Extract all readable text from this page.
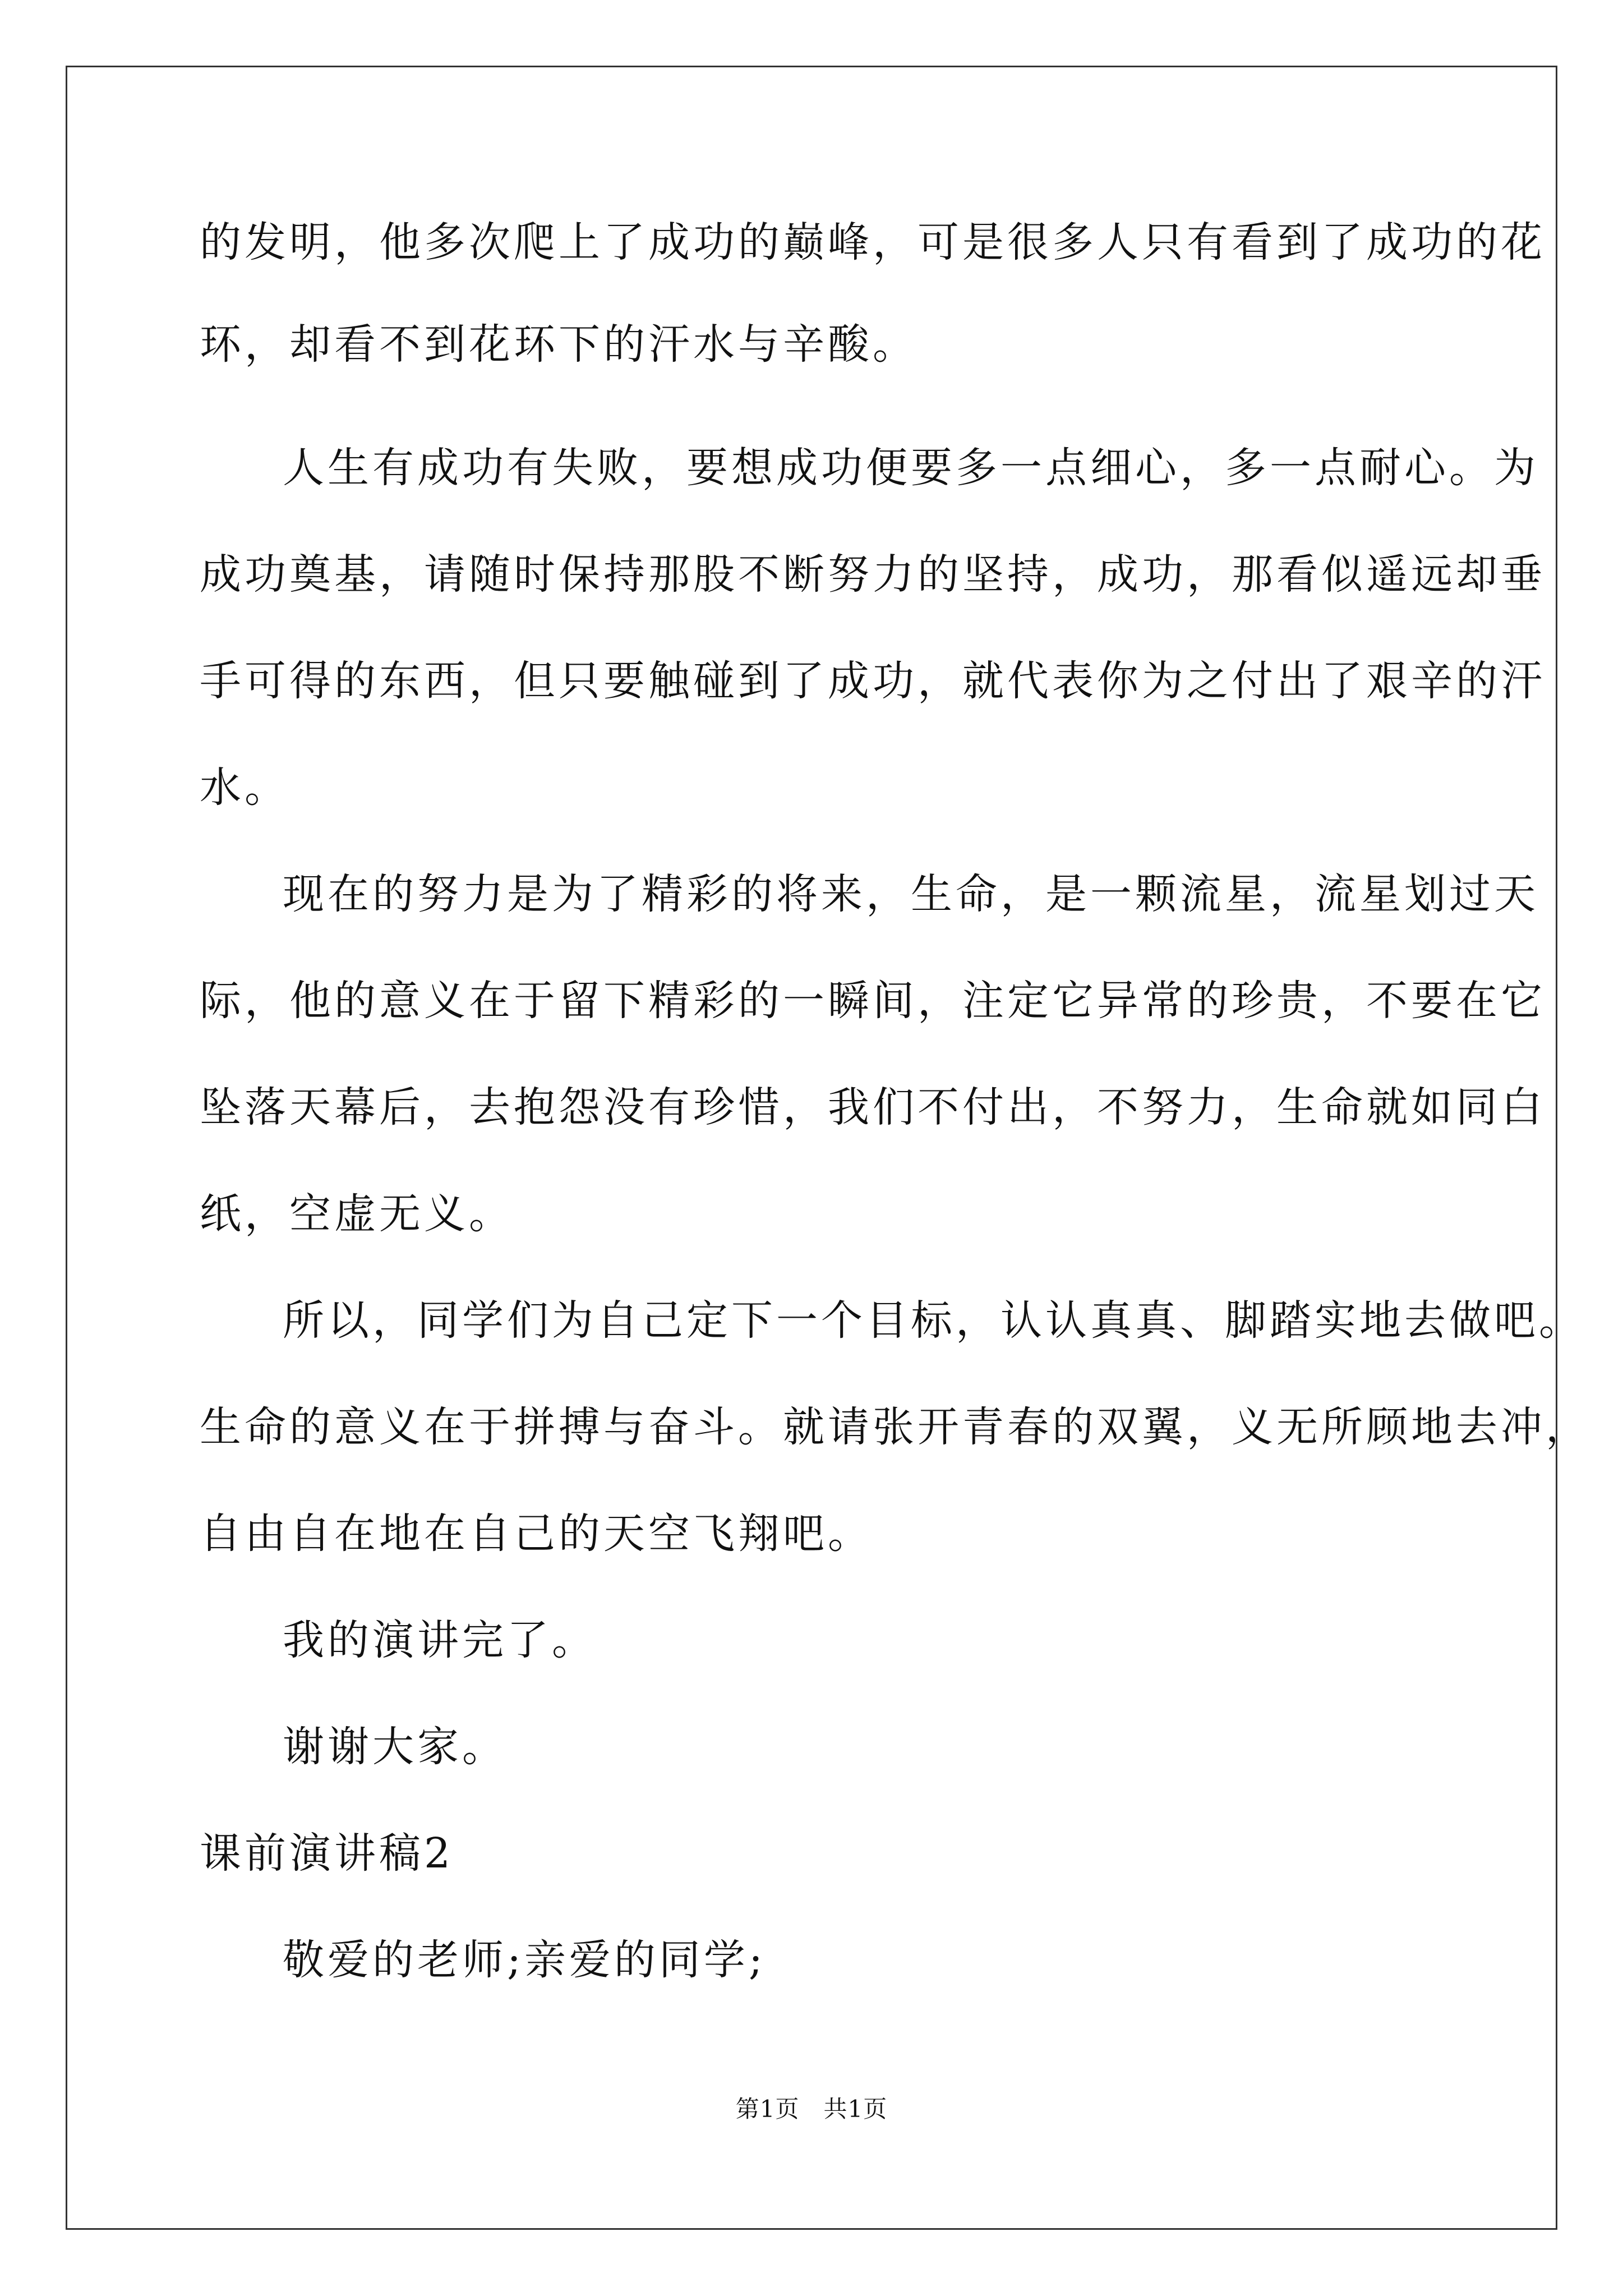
的发明，他多次爬上了成功的巅峰，可是很多人只有看到了成功的花
环，却看不到花环下的汗水与辛酸。
人生有成功有失败，要想成功便要多一点细心，多一点耐心。为
成功奠基，请随时保持那股不断努力的坚持，成功，那看似遥远却垂
手可得的东西，但只要触碰到了成功，就代表你为之付出了艰辛的汗
水。
现在的努力是为了精彩的将来，生命，是一颗流星，流星划过天
际，他的意义在于留下精彩的一瞬间，注定它异常的珍贵，不要在它
坠落天幕后，去抱怨没有珍惜，我们不付出，不努力，生命就如同白
纸，空虚无义。
所以，同学们为自己定下一个目标，认认真真、脚踏实地去做吧。
生命的意义在于拼搏与奋斗。就请张开青春的双翼，义无所顾地去冲，
自由自在地在自己的天空飞翔吧。
我的演讲完了。
谢谢大家。
课前演讲稿2
敬爱的老师;亲爱的同学;
第1页　共1页
